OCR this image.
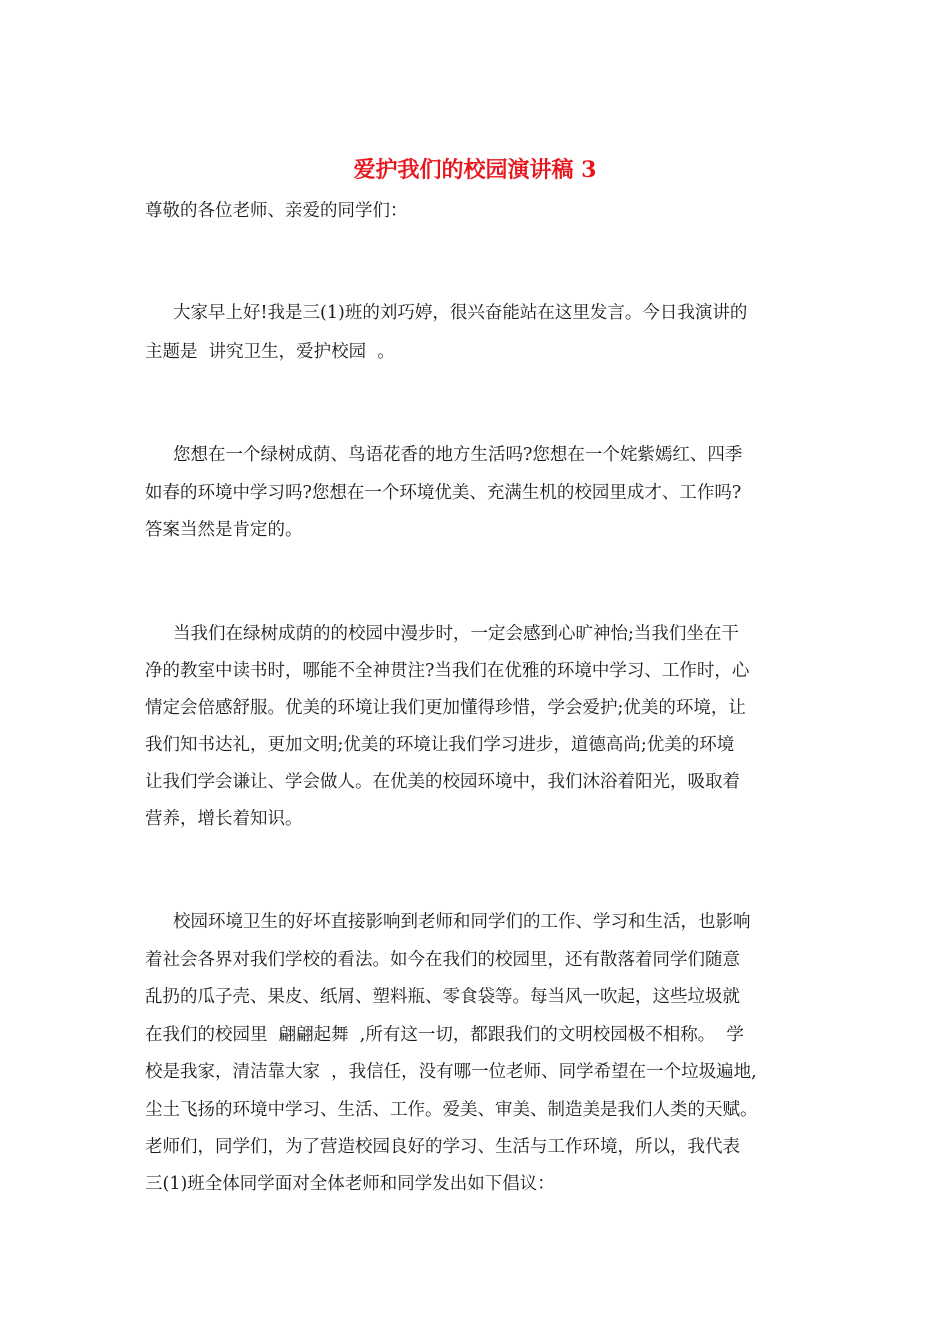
爱护我们的校园演讲稿 3
尊敬的各位老师、亲爱的同学们：
大家早上好!我是三(1)班的刘巧婷，很兴奋能站在这里发言。今日我演讲的
主题是  讲究卫生，爱护校园  。
您想在一个绿树成荫、鸟语花香的地方生活吗?您想在一个姹紫嫣红、四季
如春的环境中学习吗?您想在一个环境优美、充满生机的校园里成才、工作吗?
答案当然是肯定的。
当我们在绿树成荫的的校园中漫步时，一定会感到心旷神怡;当我们坐在干
净的教室中读书时，哪能不全神贯注?当我们在优雅的环境中学习、工作时，心
情定会倍感舒服。优美的环境让我们更加懂得珍惜，学会爱护;优美的环境，让
我们知书达礼，更加文明;优美的环境让我们学习进步，道德高尚;优美的环境
让我们学会谦让、学会做人。在优美的校园环境中，我们沐浴着阳光，吸取着
营养，增长着知识。
校园环境卫生的好坏直接影响到老师和同学们的工作、学习和生活，也影响
着社会各界对我们学校的看法。如今在我们的校园里，还有散落着同学们随意
乱扔的瓜子壳、果皮、纸屑、塑料瓶、零食袋等。每当风一吹起，这些垃圾就
在我们的校园里  翩翩起舞  ,所有这一切，都跟我们的文明校园极不相称。  学
校是我家，清洁靠大家  ，我信任，没有哪一位老师、同学希望在一个垃圾遍地,
尘土飞扬的环境中学习、生活、工作。爱美、审美、制造美是我们人类的天赋。
老师们，同学们，为了营造校园良好的学习、生活与工作环境，所以，我代表
三(1)班全体同学面对全体老师和同学发出如下倡议：
